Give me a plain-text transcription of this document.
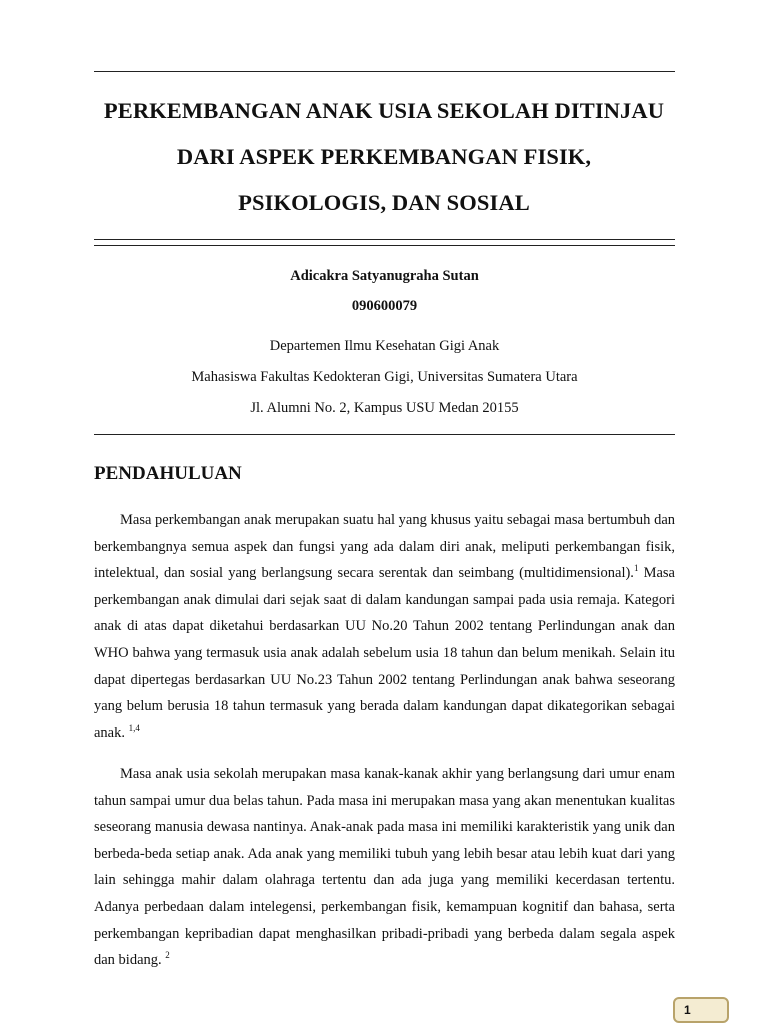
PERKEMBANGAN ANAK USIA SEKOLAH DITINJAU
DARI ASPEK PERKEMBANGAN FISIK,
PSIKOLOGIS, DAN SOSIAL
Adicakra Satyanugraha Sutan
090600079
Departemen Ilmu Kesehatan Gigi Anak
Mahasiswa Fakultas Kedokteran Gigi, Universitas Sumatera Utara
Jl. Alumni No. 2, Kampus USU Medan 20155
PENDAHULUAN

Masa perkembangan anak merupakan suatu hal yang khusus yaitu sebagai masa bertumbuh dan berkembangnya semua aspek dan fungsi yang ada dalam diri anak, meliputi perkembangan fisik, intelektual, dan sosial yang berlangsung secara serentak dan seimbang (multidimensional).$^1$ Masa perkembangan anak dimulai dari sejak saat di dalam kandungan sampai pada usia remaja. Kategori anak di atas dapat diketahui berdasarkan UU No.20 Tahun 2002 tentang Perlindungan anak dan WHO bahwa yang termasuk usia anak adalah sebelum usia 18 tahun dan belum menikah. Selain itu dapat dipertegas berdasarkan UU No.23 Tahun 2002 tentang Perlindungan anak bahwa seseorang yang belum berusia 18 tahun termasuk yang berada dalam kandungan dapat dikategorikan sebagai anak. $^{1,4}$

Masa anak usia sekolah merupakan masa kanak-kanak akhir yang berlangsung dari umur enam tahun sampai umur dua belas tahun. Pada masa ini merupakan masa yang akan menentukan kualitas seseorang manusia dewasa nantinya. Anak-anak pada masa ini memiliki karakteristik yang unik dan berbeda-beda setiap anak. Ada anak yang memiliki tubuh yang lebih besar atau lebih kuat dari yang lain sehingga mahir dalam olahraga tertentu dan ada juga yang memiliki kecerdasan tertentu. Adanya perbedaan dalam intelegensi, perkembangan fisik, kemampuan kognitif dan bahasa, serta perkembangan kepribadian dapat menghasilkan pribadi-pribadi yang berbeda dalam segala aspek dan bidang. $^2$

1
